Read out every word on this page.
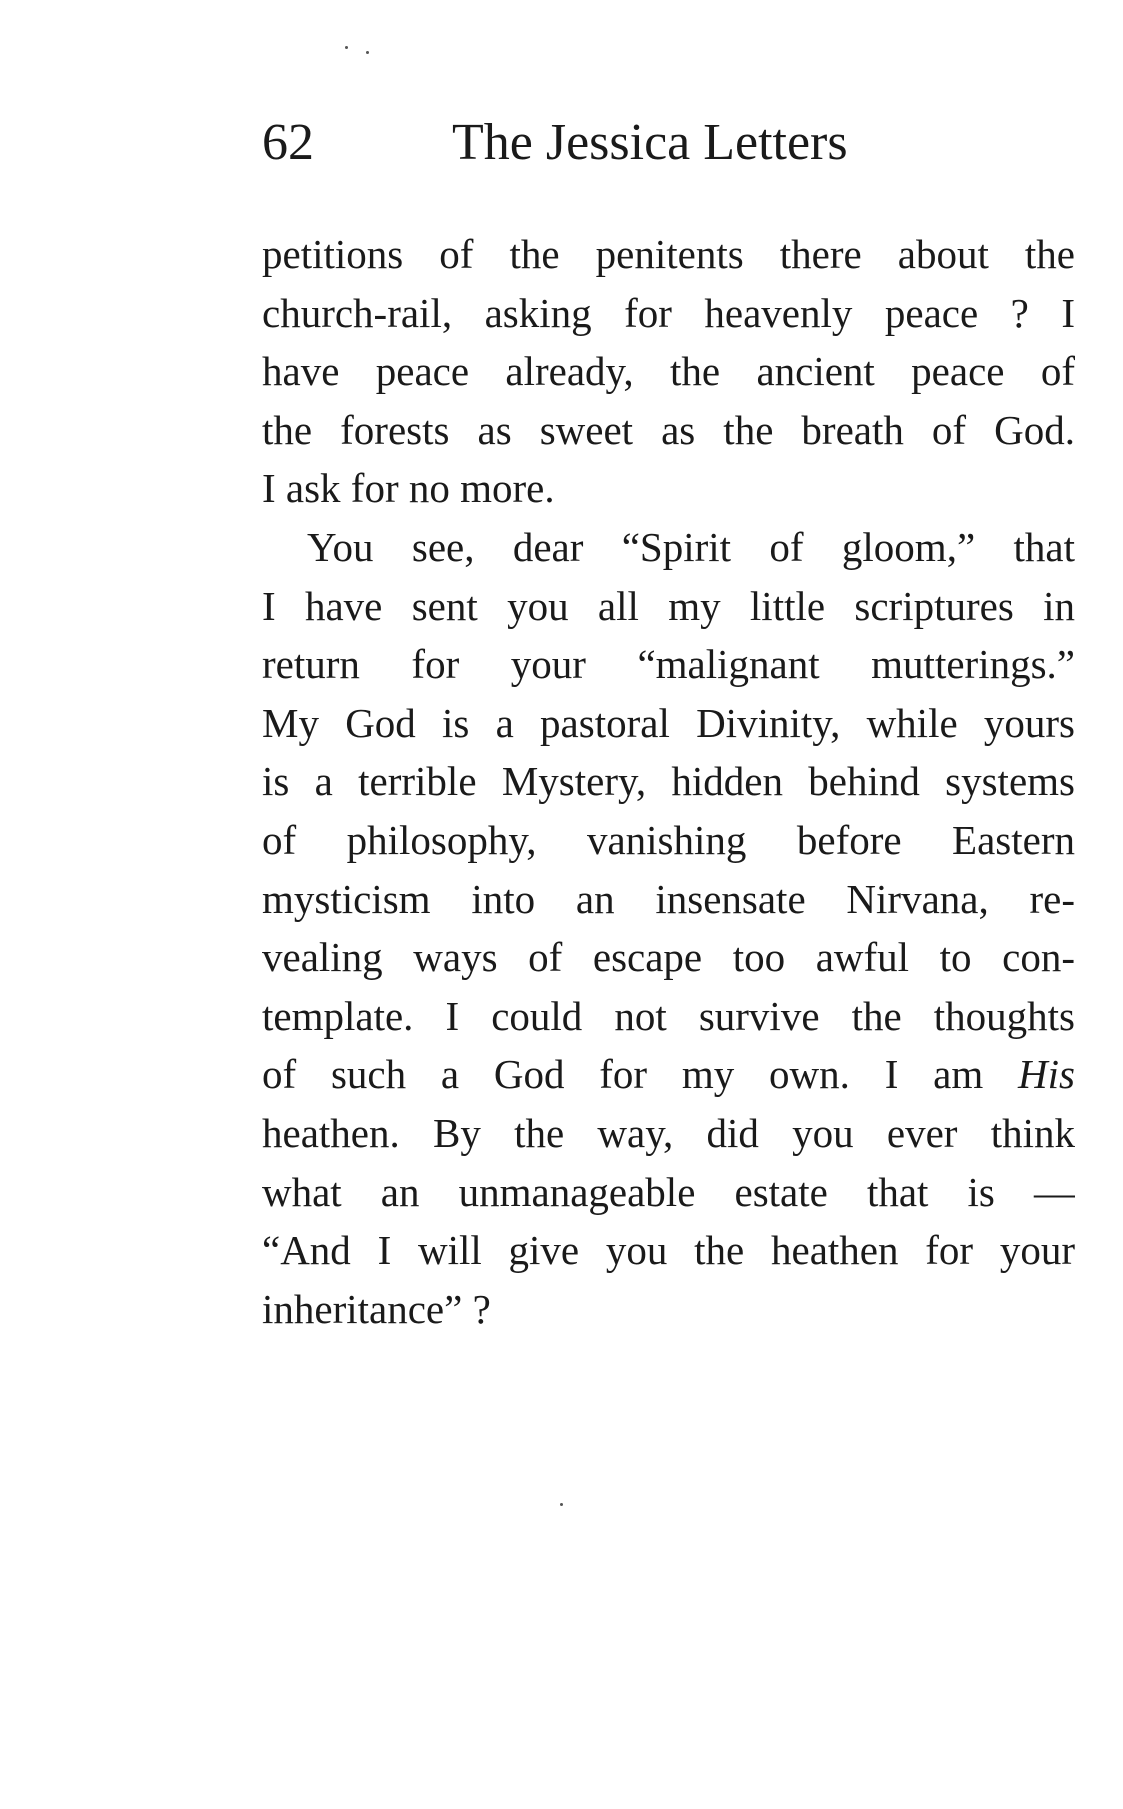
62	The Jessica Letters
petitions of the penitents there about the
church-rail, asking for heavenly peace ? I
have peace already, the ancient peace of
the forests as sweet as the breath of God.
I ask for no more.
You see, dear “Spirit of gloom,” that
I have sent you all my little scriptures in
return for your “malignant mutterings.”
My God is a pastoral Divinity, while yours
is a terrible Mystery, hidden behind systems
of philosophy, vanishing before Eastern
mysticism into an insensate Nirvana, re-
vealing ways of escape too awful to con-
template. I could not survive the thoughts
of such a God for my own. I am His
heathen. By the way, did you ever think
what an unmanageable estate that is —
“And I will give you the heathen for your
inheritance” ?
